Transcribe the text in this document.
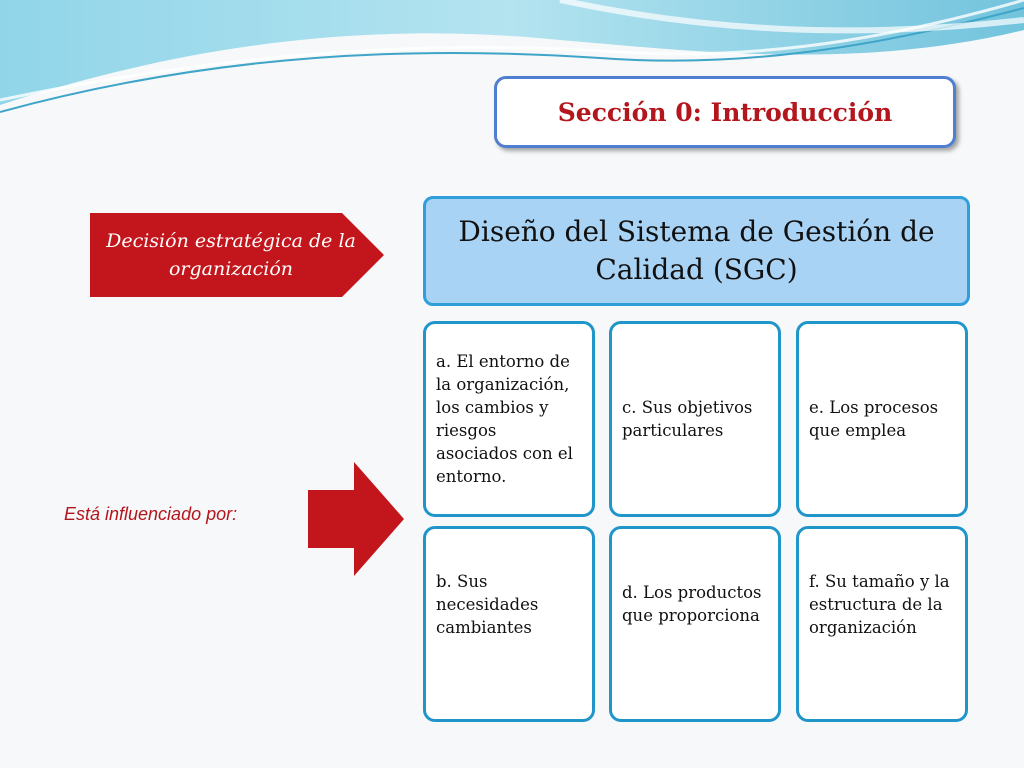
Sección 0: Introducción
Decisión estratégica de la organización
Diseño del Sistema de Gestión de Calidad (SGC)
a. El entorno de la organización, los cambios y riesgos asociados con el entorno.
c. Sus objetivos particulares
e. Los procesos que emplea
b. Sus necesidades cambiantes
d. Los productos que proporciona
f. Su tamaño y la estructura de la organización
Está influenciado por:
